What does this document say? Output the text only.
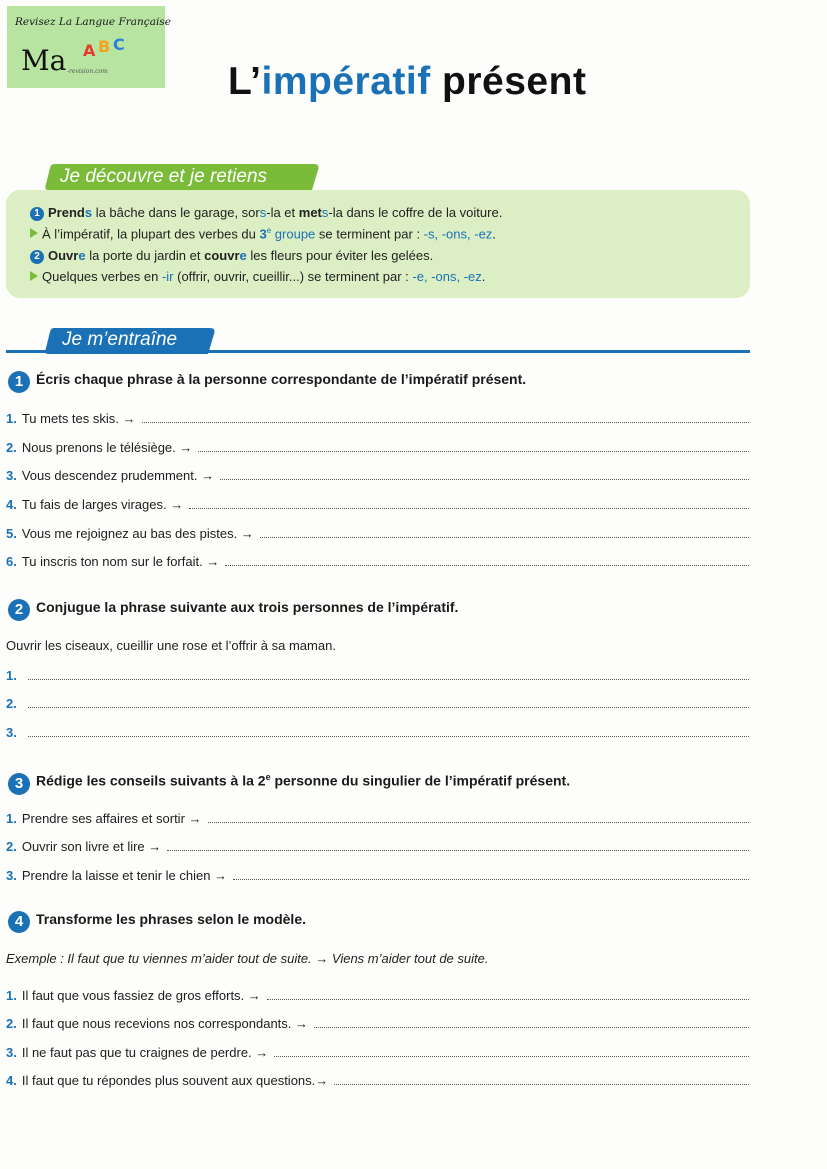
Revisez La Langue Française
Ma A B C
-revision.com	L’impératif présent
Je découvre et je retiens
1 Prends la bâche dans le garage, sors-la et mets-la dans le coffre de la voiture.
À l’impératif, la plupart des verbes du 3e groupe se terminent par : -s, -ons, -ez.
2 Ouvre la porte du jardin et couvre les fleurs pour éviter les gelées.
Quelques verbes en -ir (offrir, ouvrir, cueillir...) se terminent par : -e, -ons, -ez.
Je m’entraîne
1 Écris chaque phrase à la personne correspondante de l’impératif présent.
1. Tu mets tes skis. →
2. Nous prenons le télésiège. →
3. Vous descendez prudemment. →
4. Tu fais de larges virages. →
5. Vous me rejoignez au bas des pistes. →
6. Tu inscris ton nom sur le forfait. →
2 Conjugue la phrase suivante aux trois personnes de l’impératif.
Ouvrir les ciseaux, cueillir une rose et l’offrir à sa maman.
1.
2.
3.
3 Rédige les conseils suivants à la 2e personne du singulier de l’impératif présent.
1. Prendre ses affaires et sortir →
2. Ouvrir son livre et lire →
3. Prendre la laisse et tenir le chien →
4 Transforme les phrases selon le modèle.
Exemple : Il faut que tu viennes m’aider tout de suite. → Viens m’aider tout de suite.
1. Il faut que vous fassiez de gros efforts. →
2. Il faut que nous recevions nos correspondants. →
3. Il ne faut pas que tu craignes de perdre. →
4. Il faut que tu répondes plus souvent aux questions.→
